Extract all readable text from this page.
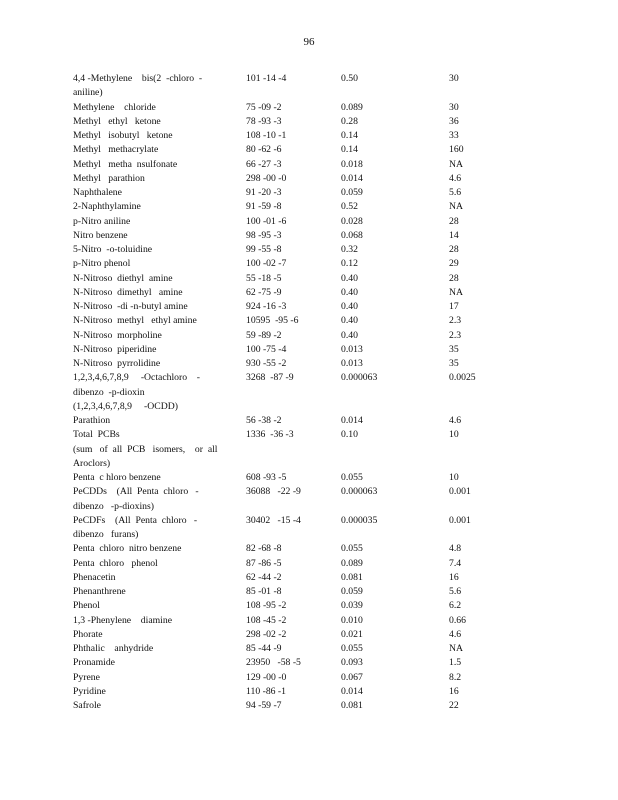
96
4,4 -Methylene    bis(2  -chloro  -
aniline)	101 -14 -4	0.50	30
Methylene    chloride	75 -09 -2	0.089	30
Methyl   ethyl   ketone	78 -93 -3	0.28	36
Methyl   isobutyl   ketone	108 -10 -1	0.14	33
Methyl   methacrylate	80 -62 -6	0.14	160
Methyl   metha  nsulfonate	66 -27 -3	0.018	NA
Methyl   parathion	298 -00 -0	0.014	4.6
Naphthalene	91 -20 -3	0.059	5.6
2-Naphthylamine	91 -59 -8	0.52	NA
p-Nitro aniline	100 -01 -6	0.028	28
Nitro benzene	98 -95 -3	0.068	14
5-Nitro  -o-toluidine	99 -55 -8	0.32	28
p-Nitro phenol	100 -02 -7	0.12	29
N-Nitroso  diethyl  amine	55 -18 -5	0.40	28
N-Nitroso  dimethyl   amine	62 -75 -9	0.40	NA
N-Nitroso  -di -n-butyl amine	924 -16 -3	0.40	17
N-Nitroso  methyl   ethyl amine	10595  -95 -6	0.40	2.3
N-Nitroso  morpholine	59 -89 -2	0.40	2.3
N-Nitroso  piperidine	100 -75 -4	0.013	35
N-Nitroso  pyrrolidine	930 -55 -2	0.013	35
1,2,3,4,6,7,8,9     -Octachloro    -
dibenzo  -p-dioxin
(1,2,3,4,6,7,8,9     -OCDD)	3268  -87 -9	0.000063	0.0025
Parathion	56 -38 -2	0.014	4.6
Total  PCBs
(sum   of  all  PCB   isomers,    or  all
Aroclors)	1336  -36 -3	0.10	10
Penta  c hloro benzene	608 -93 -5	0.055	10
PeCDDs    (All  Penta  chloro   -
dibenzo   -p-dioxins)	36088   -22 -9	0.000063	0.001
PeCDFs    (All  Penta  chloro   -
dibenzo   furans)	30402   -15 -4	0.000035	0.001
Penta  chloro  nitro benzene	82 -68 -8	0.055	4.8
Penta  chloro   phenol	87 -86 -5	0.089	7.4
Phenacetin	62 -44 -2	0.081	16
Phenanthrene	85 -01 -8	0.059	5.6
Phenol	108 -95 -2	0.039	6.2
1,3 -Phenylene    diamine	108 -45 -2	0.010	0.66
Phorate	298 -02 -2	0.021	4.6
Phthalic    anhydride	85 -44 -9	0.055	NA
Pronamide	23950   -58 -5	0.093	1.5
Pyrene	129 -00 -0	0.067	8.2
Pyridine	110 -86 -1	0.014	16
Safrole	94 -59 -7	0.081	22
